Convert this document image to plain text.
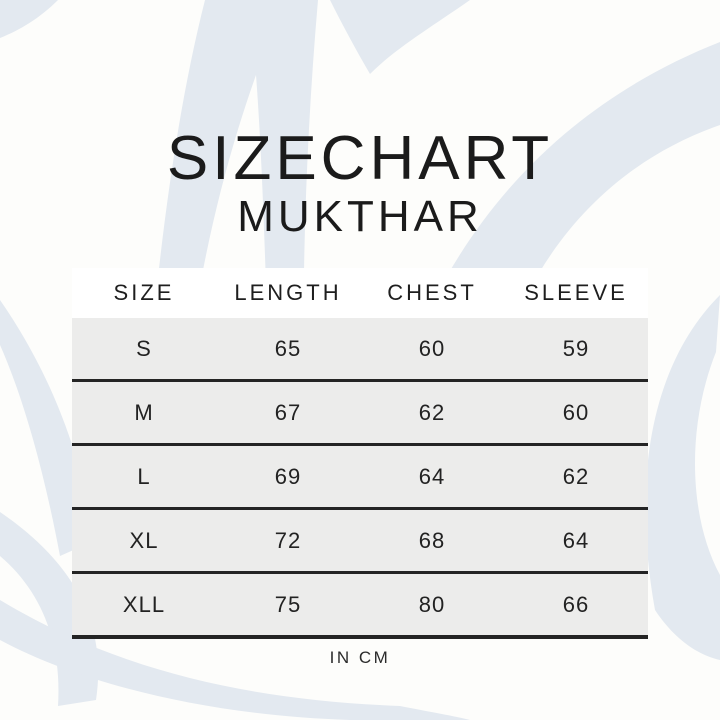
SIZECHART
MUKTHAR
SIZE	LENGTH	CHEST	SLEEVE
S	65	60	59
M	67	62	60
L	69	64	62
XL	72	68	64
XLL	75	80	66
IN CM
